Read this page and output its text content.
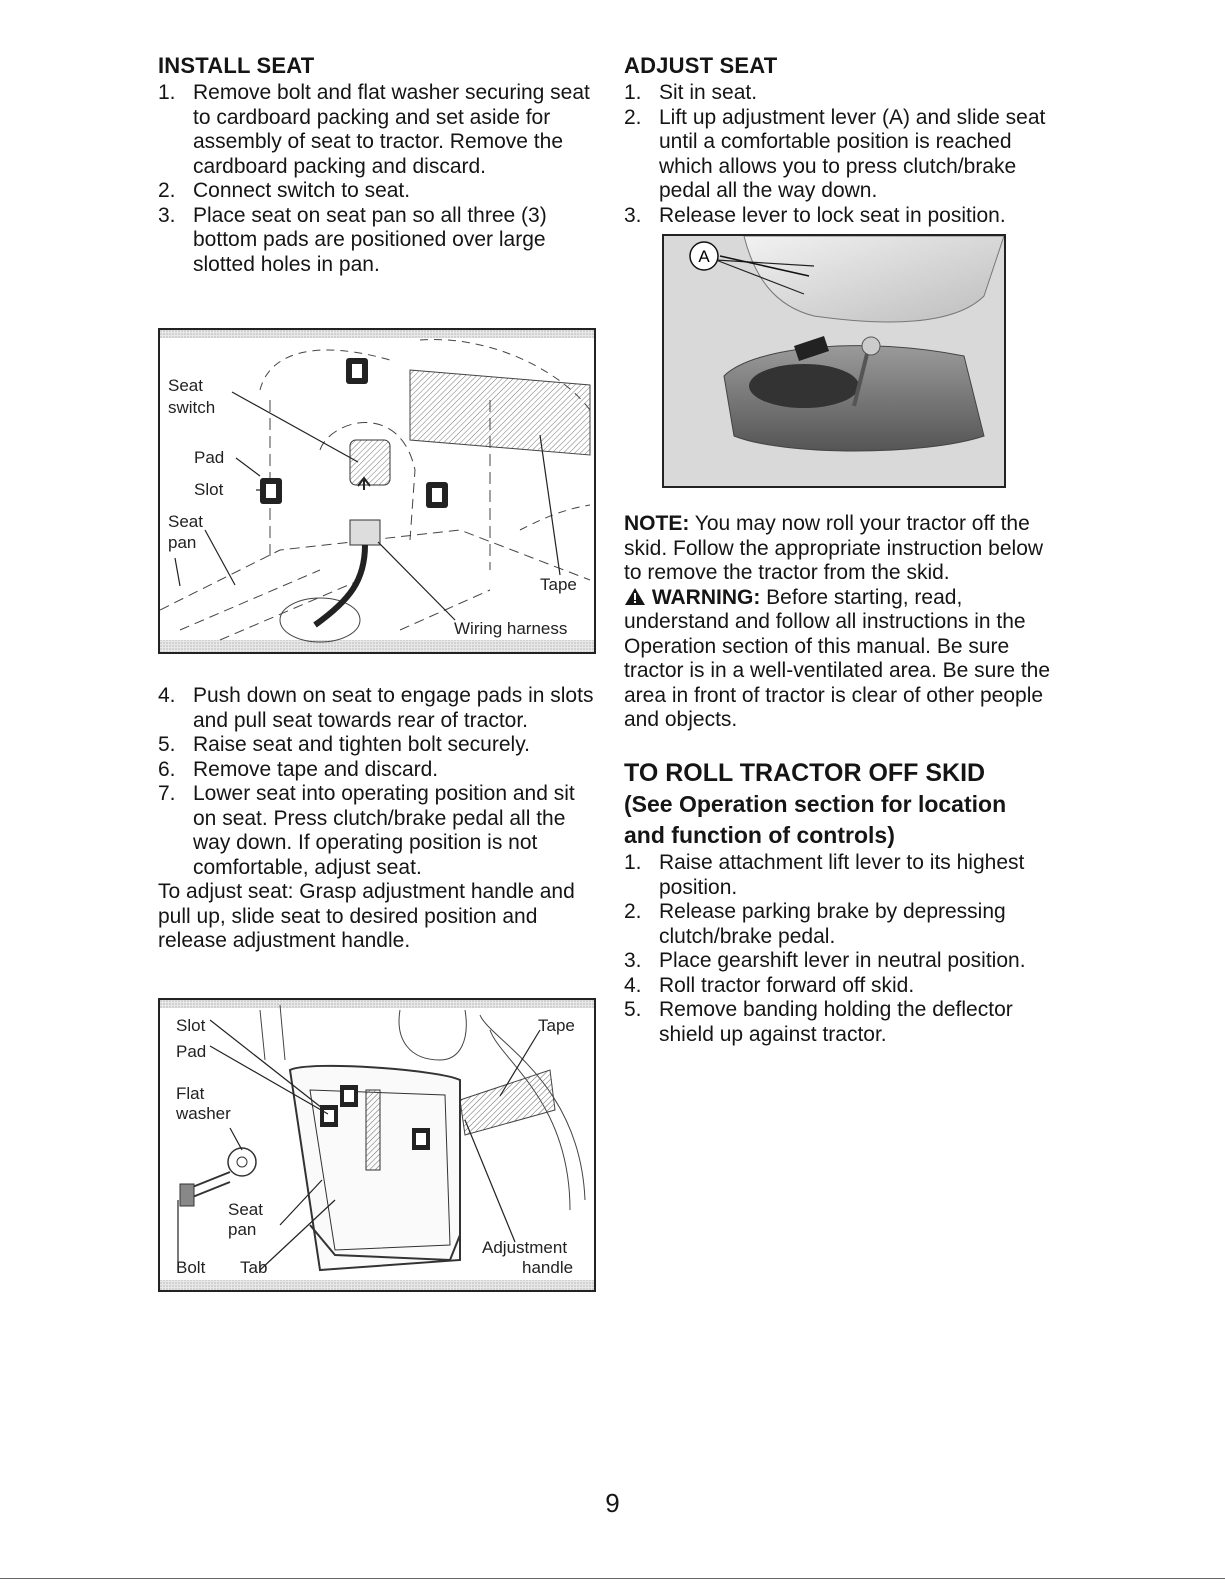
INSTALL SEAT
1. Remove bolt and flat washer securing seat to cardboard packing and set aside for assembly of seat to tractor. Remove the cardboard packing and discard.
2. Connect switch to seat.
3. Place seat on seat pan so all three (3) bottom pads are positioned over large slotted holes in pan.
Seat
switch
Pad
Slot
Seat
pan
Tape
Wiring harness
4. Push down on seat to engage pads in slots and pull seat towards rear of tractor.
5. Raise seat and tighten bolt securely.
6. Remove tape and discard.
7. Lower seat into operating position and sit on seat. Press clutch/brake pedal all the way down. If operating position is not comfortable, adjust seat.

To adjust seat: Grasp adjustment handle and pull up, slide seat to desired position and release adjustment handle.

Slot
Pad
Flat
washer
Seat
pan
Bolt Tab
Tape
Adjustment
handle
ADJUST SEAT
1. Sit in seat.
2. Lift up adjustment lever (A) and slide seat until a comfortable position is reached which allows you to press clutch/brake pedal all the way down.
3. Release lever to lock seat in position.
A

NOTE: You may now roll your tractor off the skid. Follow the appropriate instruction below to remove the tractor from the skid.

WARNING: Before starting, read, understand and follow all instructions in the Operation section of this manual. Be sure tractor is in a well-ventilated area. Be sure the area in front of tractor is clear of other people and objects.

TO ROLL TRACTOR OFF SKID
(See Operation section for location
and function of controls)
1. Raise attachment lift lever to its highest position.
2. Release parking brake by depressing clutch/brake pedal.
3. Place gearshift lever in neutral position.
4. Roll tractor forward off skid.
5. Remove banding holding the deflector shield up against tractor.
9
